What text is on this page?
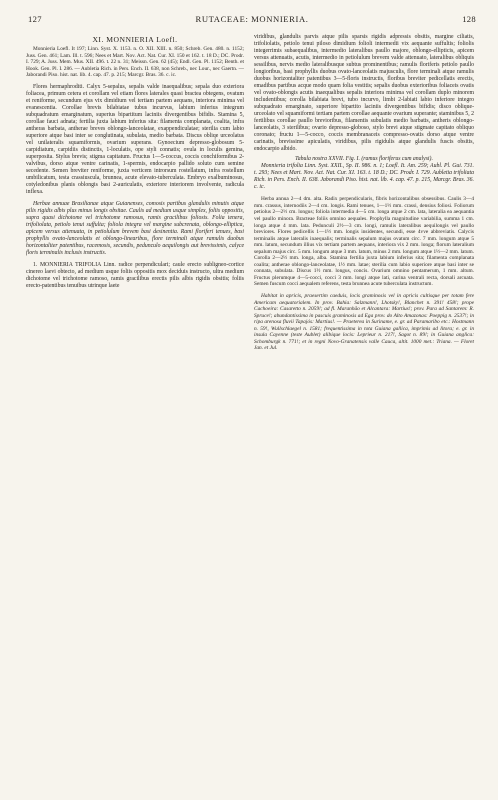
127	RUTACEAE: MONNIERIA.	128
XI. MONNIERIA Loefl.

Monnieria Loefl. It 197; Linn. Syst. X. 1153. n. O. XII. XIII. n. 850; Schreb. Gen. 480. n. 1152; Juss. Gen. 461; Lam. Ill. t. 596; Nees et Mart. Nov. Act. Nat. Cur. XI. 150 et 162. t. 18 D.; DC. Prodr. I. 729; A. Juss. Mem. Mus. XII. 496. t. 22 n. 31; Meissn. Gen. 62 (45); Endl. Gen. Pl. 1152; Benth. et Hook. Gen. Pl. I. 286. — Aubletia Rich. in Pers. Ench. II. 638, non Schreb., nec Lour., nec Gaertn. — Jaborandi Piso. hist. nat. lib. 4. cap. 47. p. 215; Marcgr. Bras. 36. c. ic.

Flores hermaphroditi. Calyx 5-sepalus, sepalis valde inaequalibus; sepala duo exteriora foliacea, primum cetera et corollam vel etiam flores laterales quasi bractea obtegens, ovatum et reniforme, secundum ejus vix dimidium vel tertiam partem aequans, interiora minima vel evanescentia. Corollae brevis bilabiatae tubus incurvus, labium inferius integrum subquadratum emarginatum, superius bipartitum laciniis divergentibus bifidis. Stamina 5, corollae fauci adnata; fertilia juxta labium inferius sita: filamenta complanata, coalita, infra antheras barbata, antherae breves oblongo-lanceolatae, exappendiculatae; sterilia cum labio superiore atque basi inter se conglutinata, subulata, medio barbata. Discus obliqe urceolatus vel unilateralis squamiformis, ovarium superans. Gynoecium depresso-globosum 5-carpidiatum, carpidiis distinctis, 1-loculatis, ope styli connatis; ovula in loculis gemina, superposita. Stylus brevis; stigma capitatum. Fructus 1—5-coccus, coccis conchiformibus 2-valvibus, dorso atque ventre carinatis, 1-spermis, endocarpio pallido soluto cum semine secedente. Semen breviter reniforme, juxta verticem introrsum rostellatum, infra rostellum umbilicatum, testa crassiuscula, brunnea, acute elevato-tuberculata. Embryo exalbuminosus, cotyledonibus planis oblongis basi 2-auriculatis, exteriore interiorem involvente, radicula inflexa.

Herbae annuae Brasilianae atque Guianenses, comosis partibus glandulis minutis atque pilis rigidis albis plus minus longis obsitae. Caulis ad medium usque simplex, foliis oppositis, supra quasi dichotome vel trichotome ramosus, ramis gracilibus foliosis. Folia tenera, trifoliolata, petiolo tenui suffulta; foliola integra vel margine subcrenata, oblongo-elliptica, apicem versus attenuata, in petiolulum brevem basi desinentia. Rami floriferi tenues, basi prophyllis ovato-lanceolatis et oblongo-linearibus, flore terminali atque ramulis duobus horizontaliter patentibus, racemosis, secundis, pedunculo aequilongis aut brevissimis, calyce floris terminalis inclusis instructis.

1. MONNIERIA TRIFOLIA Linn. radice perpendiculari; caule erecto subligneo-cortice cinereo laevi obtecto, ad medium usque foliis oppositis mox deciduis instructo, ultra medium dichotome vel trichotome ramoso, ramis gracilibus erectis pilis albis rigidis obsitis; foliis erecto-patentibus tenuibus utrinque laete

viridibus, glandulis parvis atque pilis sparsis rigidis adpressis obsitis, margine ciliatis, trifoliolatis, petiolo tenui piloso dimidium folioli intermedii vix aequante suffultis; foliolis integerrimis subaequalibus, intermedio lateralibus paullo majore, oblongo-ellipticis, apicem versus attenuatis, acutis, intermedio in petiolulum brevem valde attenuato, lateralibus obliquis sessilibus, nervis medio lateralibusque subtus prominentibus; ramulis floriferis petiolo paullo longioribus, basi prophyllis duobus ovato-lanceolatis majusculis, flore terminali atque ramulis duobus horizontaliter patentibus 3—5-floris instructis, floribus breviter pedicellatis erectis, emadibus partibus acque modo quam folia vestitis; sepalis duobus exterioribus foliaceis ovatis vel ovato-oblongis acutis inaequalibus sepalis interiora minima vel corollam duplo minorem includentibus; corolla bilabiata brevi, tubo incurvo, limbi 2-labiati labio inferiore integro subquadrato emarginato, superiore bipartito laciniis divergentibus bifidis; disco oblique-urceolato vel squamiformi tertiam partem corollae aequante ovarium superante; staminibus 5, 2 fertilibus corollae paullo brevioribus, filamentis subulatis medio barbatis, antheris oblongo-lanceolatis, 3 sterilibus; ovario depresso-globoso, stylo brevi atque stigmate capitato obliquo coronato; fructu 1—5-cocco, coccis membranaceis compresso-ovatis dorso atque ventre carinatis, brevissime apiculatis, viridibus, pilis rigidulis atque glandulis fuscis obsitis, endocarpio albido.

Tabula nostra XXVII. Fig. I. (ramus floriferus cum analysi).

Monnieria trifolia Linn. Syst. XXII., Sp. II. 986. n. 1; Loefl. It. Am. 259; Aubl. Pl. Gui. 731. t. 293; Nees et Mart. Nov. Act. Nat. Cur. XI. 163. t. 18 D.; DC. Prodr. I. 729. Aubletia trifoliata Rich. in Pers. Ench. II. 638. Jaborandi Piso. hist. nat. lib. 4. cap. 47. p. 215, Marcgr. Bras. 36. c. ic.

Herba annua 2—4 dm. alta. Radix perpendicularis, fibris horizontalibus obsessibus. Caulis 3—4 mm. crassus, internodiis 2—4 cm. longis. Rami tenues, 1—1½ mm. crassi, densius foliosi. Foliorum petiolus 2—2½ cm. longus; foliola intermedia 4—5 cm. longa atque 2 cm. lata, lateralia ea aequantia vel paullo minora. Bracteae foliis omnino aequales. Prophylla magnitudine variabilia, summa 1 cm. longa atque 4 mm. lata. Pedunculi 2½—3 cm. longi, ramulis lateralibus aequilongis vel paullo breviores. Flores pedicellis 1—1½ mm. longis insidentes, secundi, esse 4vve abbreviatis. Calycis terminalis atque lateralis inaequalis; terminalis sepalum majus ovatum circ. 7 mm. longum atque 5 mm. latum, secundum illius vix tertiam partem aequans, interiora vix 2 mm. longa; florum lateralium sepalum majus circ. 5 mm. longum atque 3 mm. latum, minus 2 mm. longum atque 1½—2 mm. latum. Corolla 2—2½ mm. longa, alba. Stamina fertilia juxta labium inferius sita; filamenta complanata coalita; antherae oblongo-lanceolatae, 1½ mm. latae; sterilia cum labio superiore atque basi inter se connata, subulata. Discus 1½ mm. longus, concis. Ovarium omnino pentamerum, 1 mm. altum. Fructus plerumque 4—5-cocci, cocci 3 mm. longi atque lati, carina ventrali recta, dorsali arcuata. Semen fuscum cocci aequalem referens, testa brunnea acute tuberculata instructum.

Habitat in apricis, praesertim caeduis, locis graminosis vel in apricis cultisque per totam fere Americam aequatorialem. In prov. Bahia: Salzmann!, Lhotsky!, Blanchet n. 391! 458!; prope Cachoeira: Casaretto n. 2059!; ad fl. Maranhão et Alcantara: Martius!; prov. Para ad Santarem: R. Spruce!; abundantissima in pascuis graminosis ad Ega prov. do Alto Amazonas: Poeppig n. 2537!; in ripa arenosa fluvii Tapajós: Martius!. — Praeterea in Suriname, e. gr. ad Paramaribo etc.: Hostmann n. 59!, Wullschlaegel n. 1581; frequentissima in tota Guiana gallica, imprimis ad litora; e. gr. in insula Cayenne (teste Aublet) alibique locis: Leprieur n. 217!, Sagot n. 89!; in Guiana anglica: Schomburgk n. 771!; et in regni Novo-Granatensis valle Cauca, altit. 1000 met.: Triana. — Floret Jan. et Jul.
